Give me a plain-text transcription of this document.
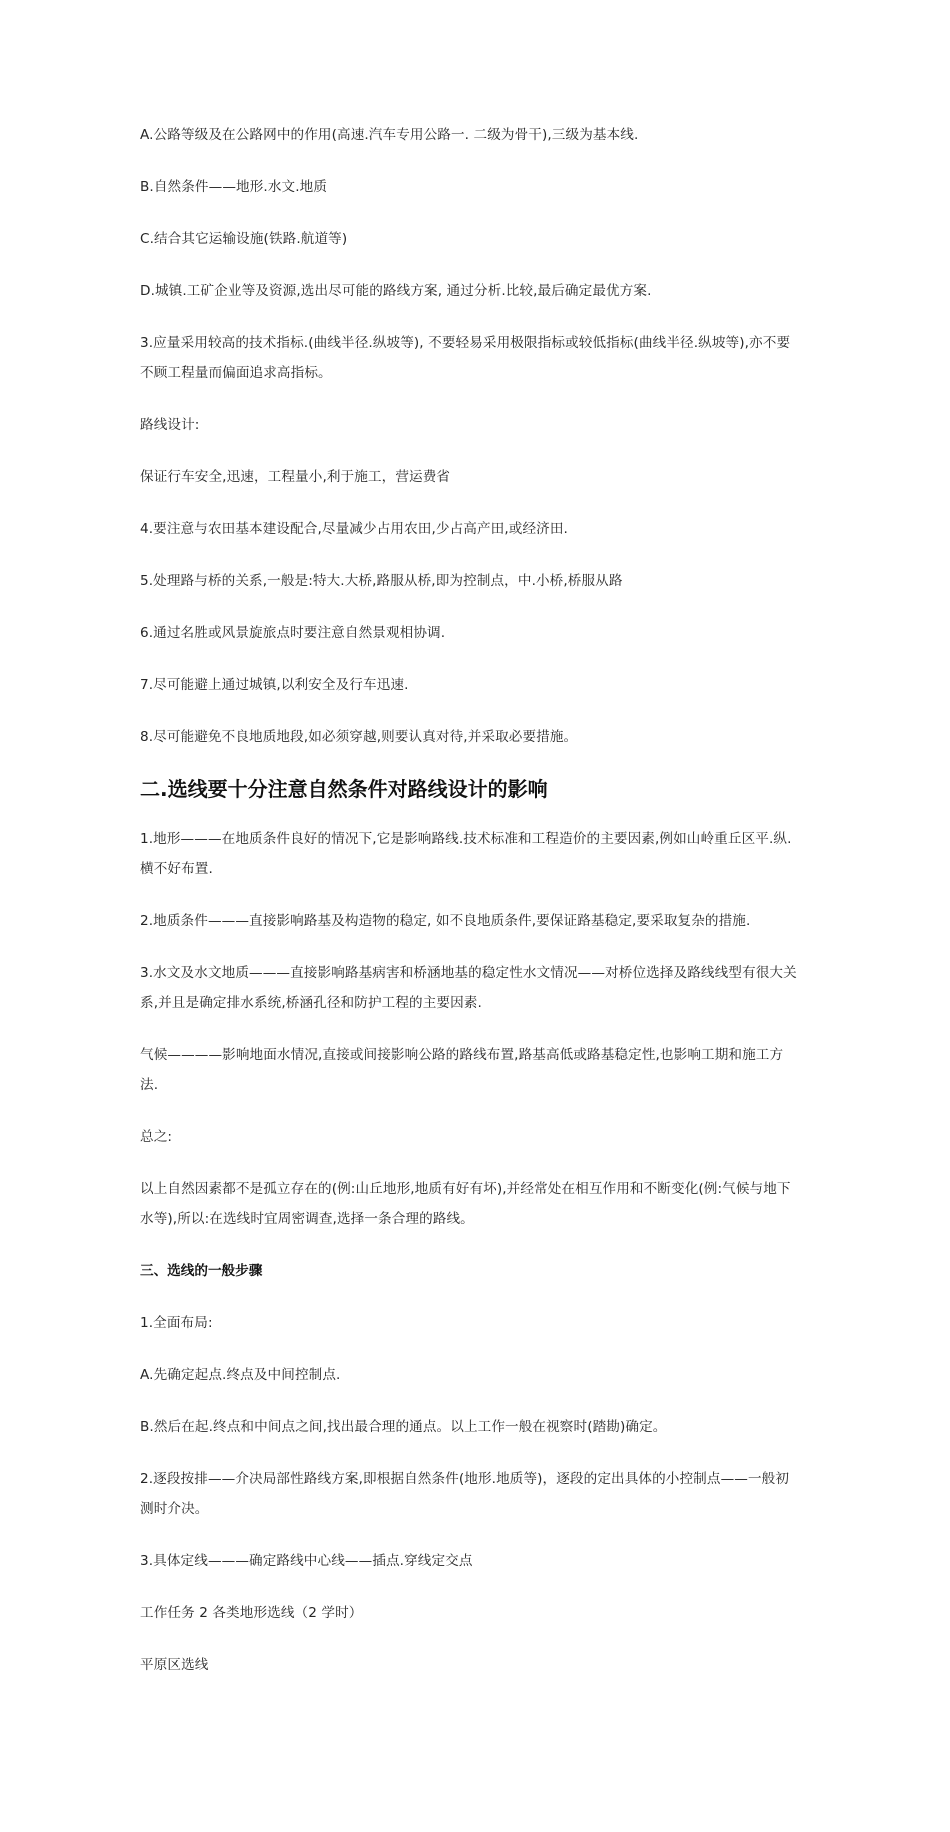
A.公路等级及在公路网中的作用(高速.汽车专用公路一. 二级为骨干),三级为基本线.

B.自然条件——地形.水文.地质

C.结合其它运输设施(铁路.航道等)

D.城镇.工矿企业等及资源,选出尽可能的路线方案, 通过分析.比较,最后确定最优方案.

3.应量采用较高的技术指标.(曲线半径.纵坡等), 不要轻易采用极限指标或较低指标(曲线半径.纵坡等),亦不要不顾工程量而偏面追求高指标。

路线设计:

保证行车安全,迅速，工程量小,利于施工，营运费省

4.要注意与农田基本建设配合,尽量减少占用农田,少占高产田,或经济田.

5.处理路与桥的关系,一般是:特大.大桥,路服从桥,即为控制点，中.小桥,桥服从路

6.通过名胜或风景旋旅点时要注意自然景观相协调.

7.尽可能避上通过城镇,以利安全及行车迅速.

8.尽可能避免不良地质地段,如必须穿越,则要认真对待,并采取必要措施。

二.选线要十分注意自然条件对路线设计的影响

1.地形———在地质条件良好的情况下,它是影响路线.技术标准和工程造价的主要因素,例如山岭重丘区平.纵.横不好布置.

2.地质条件———直接影响路基及构造物的稳定, 如不良地质条件,要保证路基稳定,要采取复杂的措施.

3.水文及水文地质———直接影响路基病害和桥涵地基的稳定性水文情况——对桥位选择及路线线型有很大关系,并且是确定排水系统,桥涵孔径和防护工程的主要因素.

气候————影响地面水情况,直接或间接影响公路的路线布置,路基高低或路基稳定性,也影响工期和施工方法.

总之:

以上自然因素都不是孤立存在的(例:山丘地形,地质有好有坏),并经常处在相互作用和不断变化(例:气候与地下水等),所以:在选线时宜周密调查,选择一条合理的路线。

三、选线的一般步骤

1.全面布局:

A.先确定起点.终点及中间控制点.

B.然后在起.终点和中间点之间,找出最合理的通点。以上工作一般在视察时(踏勘)确定。

2.逐段按排——介决局部性路线方案,即根据自然条件(地形.地质等)，逐段的定出具体的小控制点——一般初测时介决。

3.具体定线———确定路线中心线——插点.穿线定交点

工作任务 2 各类地形选线（2 学时）

平原区选线
